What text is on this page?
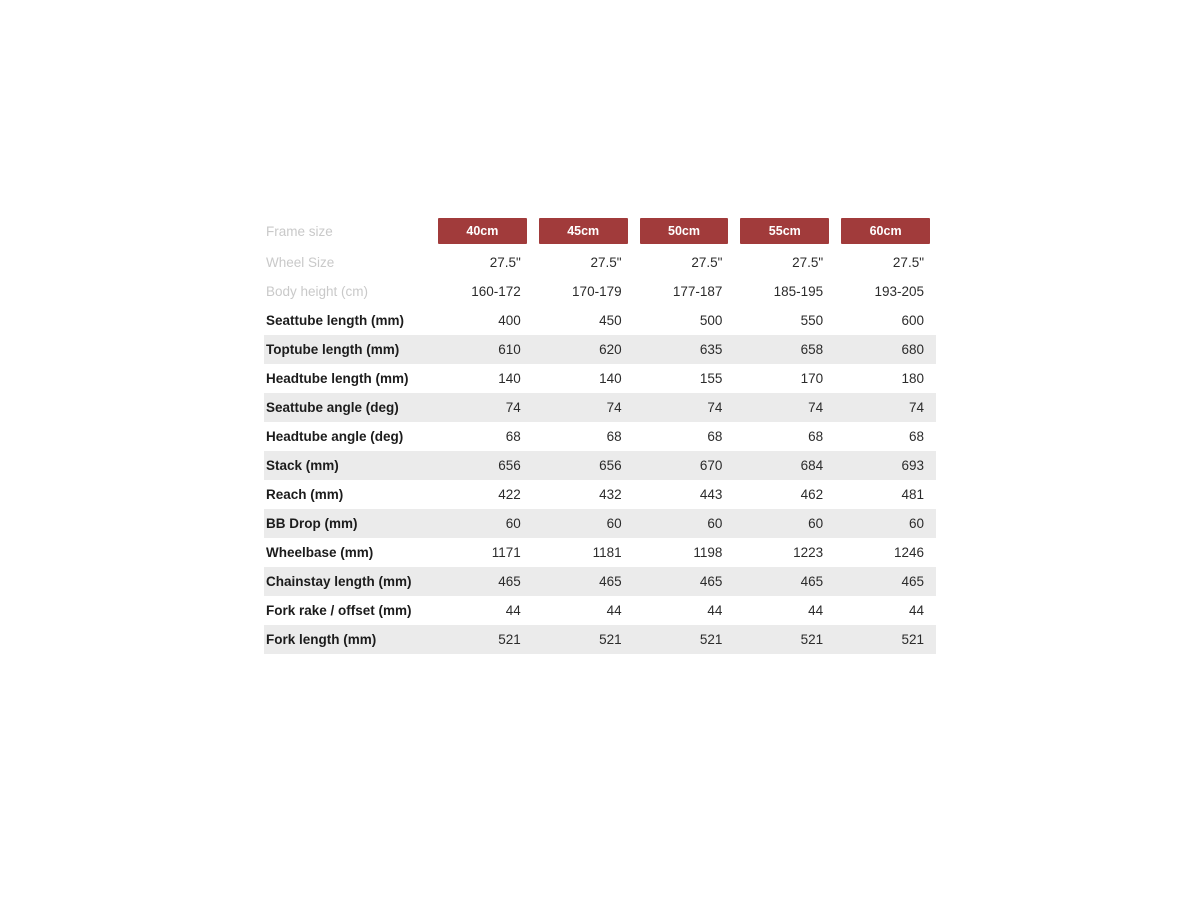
Frame size	40cm	45cm	50cm	55cm	60cm

Wheel Size	27.5"	27.5"	27.5"	27.5"	27.5"
Body height (cm)	160-172	170-179	177-187	185-195	193-205
Seattube length (mm)	400	450	500	550	600
Toptube length (mm)	610	620	635	658	680
Headtube length (mm)	140	140	155	170	180
Seattube angle (deg)	74	74	74	74	74
Headtube angle (deg)	68	68	68	68	68
Stack (mm)	656	656	670	684	693
Reach (mm)	422	432	443	462	481
BB Drop (mm)	60	60	60	60	60
Wheelbase (mm)	1171	1181	1198	1223	1246
Chainstay length (mm)	465	465	465	465	465
Fork rake / offset (mm)	44	44	44	44	44
Fork length (mm)	521	521	521	521	521
